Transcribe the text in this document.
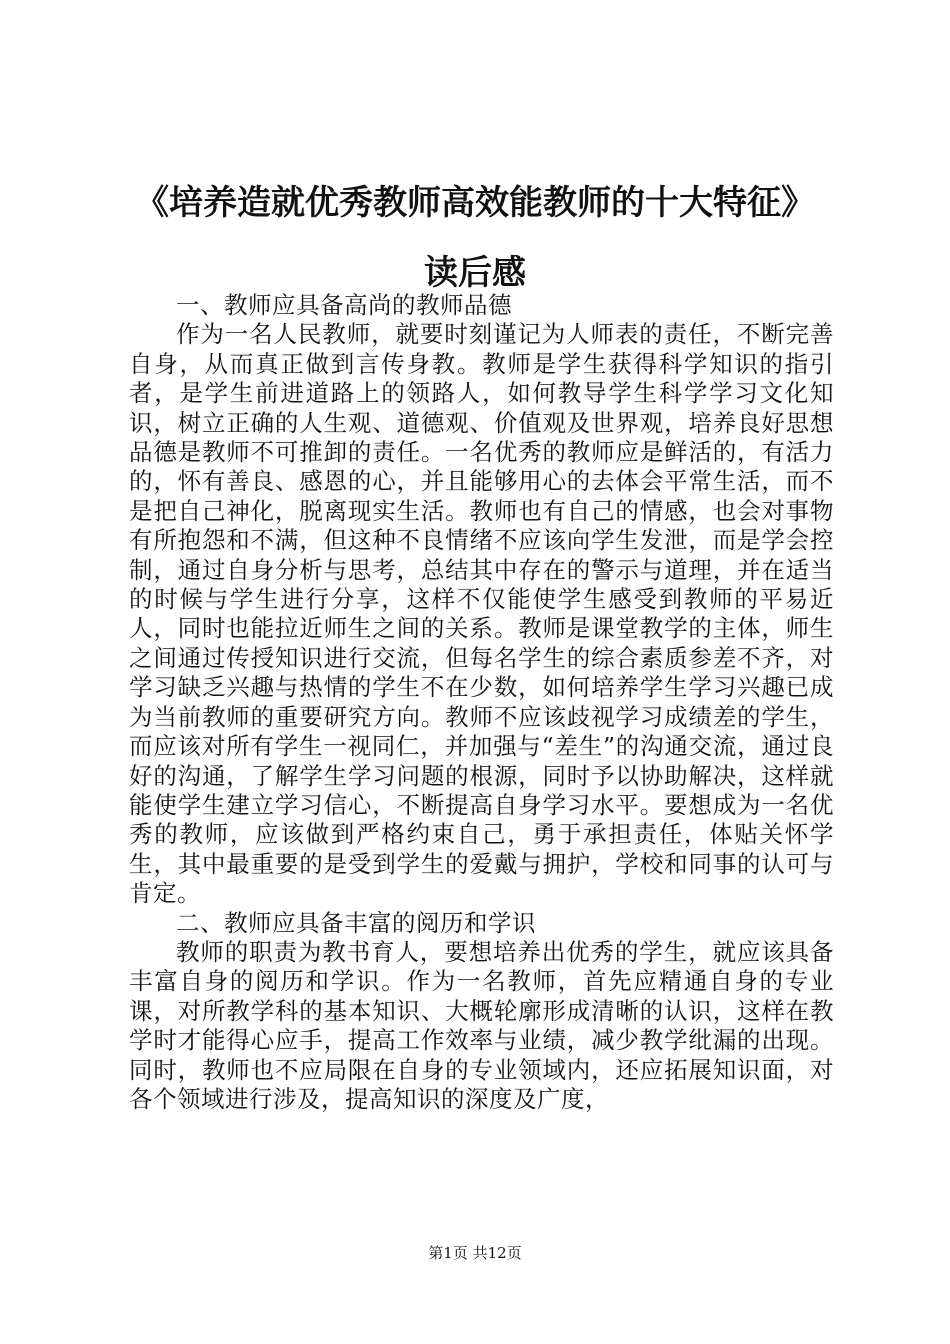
《培养造就优秀教师高效能教师的十大特征》
读后感

一、教师应具备高尚的教师品德

作为一名人民教师，就要时刻谨记为人师表的责任，不断完善自身，从而真正做到言传身教。教师是学生获得科学知识的指引者，是学生前进道路上的领路人，如何教导学生科学学习文化知识，树立正确的人生观、道德观、价值观及世界观，培养良好思想品德是教师不可推卸的责任。一名优秀的教师应是鲜活的，有活力的，怀有善良、感恩的心，并且能够用心的去体会平常生活，而不是把自己神化，脱离现实生活。教师也有自己的情感，也会对事物有所抱怨和不满，但这种不良情绪不应该向学生发泄，而是学会控制，通过自身分析与思考，总结其中存在的警示与道理，并在适当的时候与学生进行分享，这样不仅能使学生感受到教师的平易近人，同时也能拉近师生之间的关系。教师是课堂教学的主体，师生之间通过传授知识进行交流，但每名学生的综合素质参差不齐，对学习缺乏兴趣与热情的学生不在少数，如何培养学生学习兴趣已成为当前教师的重要研究方向。教师不应该歧视学习成绩差的学生，而应该对所有学生一视同仁，并加强与“差生”的沟通交流，通过良好的沟通，了解学生学习问题的根源，同时予以协助解决，这样就能使学生建立学习信心，不断提高自身学习水平。要想成为一名优秀的教师，应该做到严格约束自己，勇于承担责任，体贴关怀学生，其中最重要的是受到学生的爱戴与拥护，学校和同事的认可与肯定。

二、教师应具备丰富的阅历和学识

教师的职责为教书育人，要想培养出优秀的学生，就应该具备丰富自身的阅历和学识。作为一名教师，首先应精通自身的专业课，对所教学科的基本知识、大概轮廓形成清晰的认识，这样在教学时才能得心应手，提高工作效率与业绩，减少教学纰漏的出现。同时，教师也不应局限在自身的专业领域内，还应拓展知识面，对各个领域进行涉及，提高知识的深度及广度，

第1页 共12页
